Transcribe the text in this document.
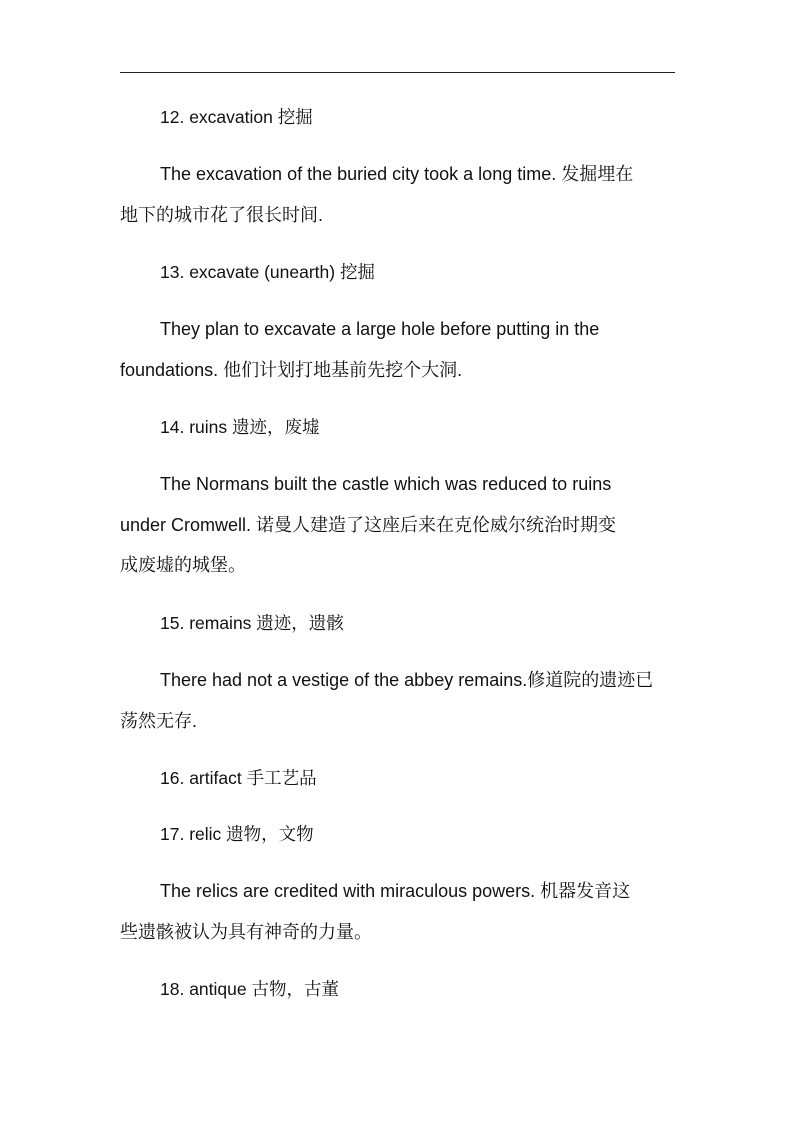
12. excavation 挖掘
The excavation of the buried city took a long time. 发掘埋在
地下的城市花了很长时间.
13. excavate (unearth) 挖掘
They plan to excavate a large hole before putting in the
foundations. 他们计划打地基前先挖个大洞.
14. ruins 遗迹，废墟
The Normans built the castle which was reduced to ruins
under Cromwell. 诺曼人建造了这座后来在克伦威尔统治时期变
成废墟的城堡。
15. remains 遗迹，遗骸
There had not a vestige of the abbey remains.修道院的遗迹已
荡然无存.
16. artifact 手工艺品
17. relic 遗物，文物
The relics are credited with miraculous powers. 机器发音这
些遗骸被认为具有神奇的力量。
18. antique 古物，古董
